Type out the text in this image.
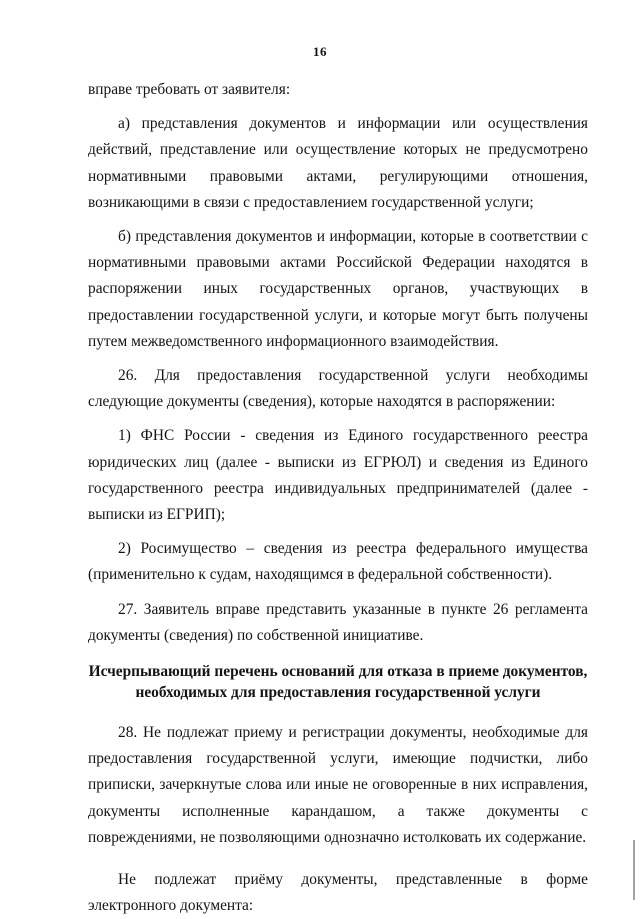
16

вправе требовать от заявителя:

а) представления документов и информации или осуществления действий, представление или осуществление которых не предусмотрено нормативными правовыми актами, регулирующими отношения, возникающими в связи с предоставлением государственной услуги;

б) представления документов и информации, которые в соответствии с нормативными правовыми актами Российской Федерации находятся в распоряжении иных государственных органов, участвующих в предоставлении государственной услуги, и которые могут быть получены путем межведомственного информационного взаимодействия.

26. Для предоставления государственной услуги необходимы следующие документы (сведения), которые находятся в распоряжении:

1) ФНС России - сведения из Единого государственного реестра юридических лиц (далее - выписки из ЕГРЮЛ) и сведения из Единого государственного реестра индивидуальных предпринимателей (далее - выписки из ЕГРИП);

2) Росимущество – сведения из реестра федерального имущества (применительно к судам, находящимся в федеральной собственности).

27. Заявитель вправе представить указанные в пункте 26 регламента документы (сведения) по собственной инициативе.

Исчерпывающий перечень оснований для отказа в приеме документов, необходимых для предоставления государственной услуги

28. Не подлежат приему и регистрации документы, необходимые для предоставления государственной услуги, имеющие подчистки, либо приписки, зачеркнутые слова или иные не оговоренные в них исправления, документы исполненные карандашом, а также документы с повреждениями, не позволяющими однозначно истолковать их содержание.

Не подлежат приёму документы, представленные в форме электронного документа:
